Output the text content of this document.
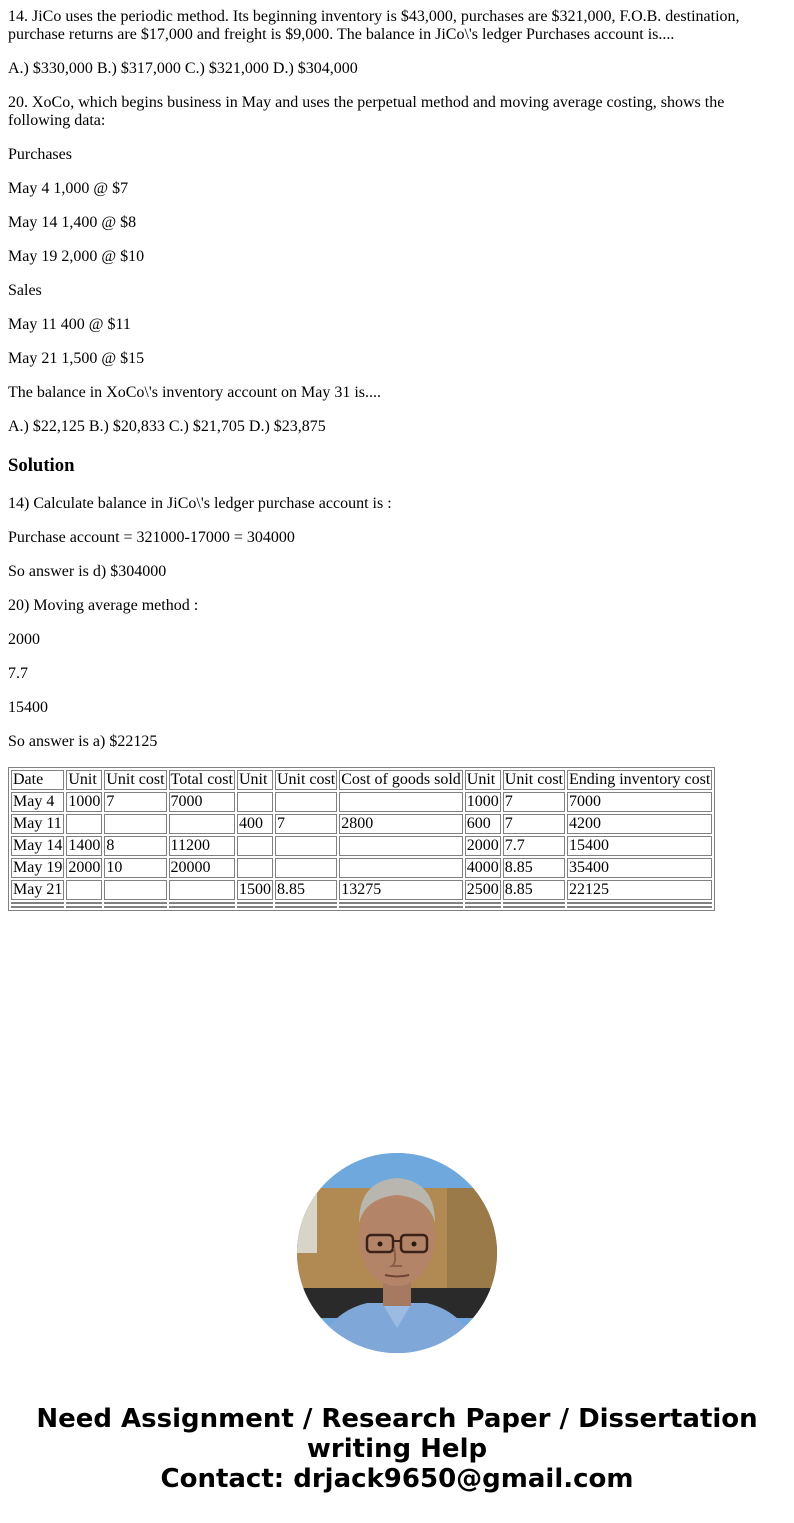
14. JiCo uses the periodic method. Its beginning inventory is $43,000, purchases are $321,000, F.O.B. destination, purchase returns are $17,000 and freight is $9,000. The balance in JiCo\'s ledger Purchases account is....

A.) $330,000 B.) $317,000 C.) $321,000 D.) $304,000

20. XoCo, which begins business in May and uses the perpetual method and moving average costing, shows the following data:

Purchases

May 4 1,000 @ $7

May 14 1,400 @ $8

May 19 2,000 @ $10

Sales

May 11 400 @ $11

May 21 1,500 @ $15

The balance in XoCo\'s inventory account on May 31 is....

A.) $22,125 B.) $20,833 C.) $21,705 D.) $23,875

Solution

14) Calculate balance in JiCo\'s ledger purchase account is :

Purchase account = 321000-17000 = 304000

So answer is d) $304000

20) Moving average method :

2000

7.7

15400

So answer is a) $22125

Date	Unit	Unit cost	Total cost	Unit	Unit cost	Cost of goods sold	Unit	Unit cost	Ending inventory cost
May 4	1000	7	7000				1000	7	7000
May 11				400	7	2800	600	7	4200
May 14	1400	8	11200				2000	7.7	15400
May 19	2000	10	20000				4000	8.85	35400
May 21				1500	8.85	13275	2500	8.85	22125

Need Assignment / Research Paper / Dissertation
writing Help
Contact: drjack9650@gmail.com
